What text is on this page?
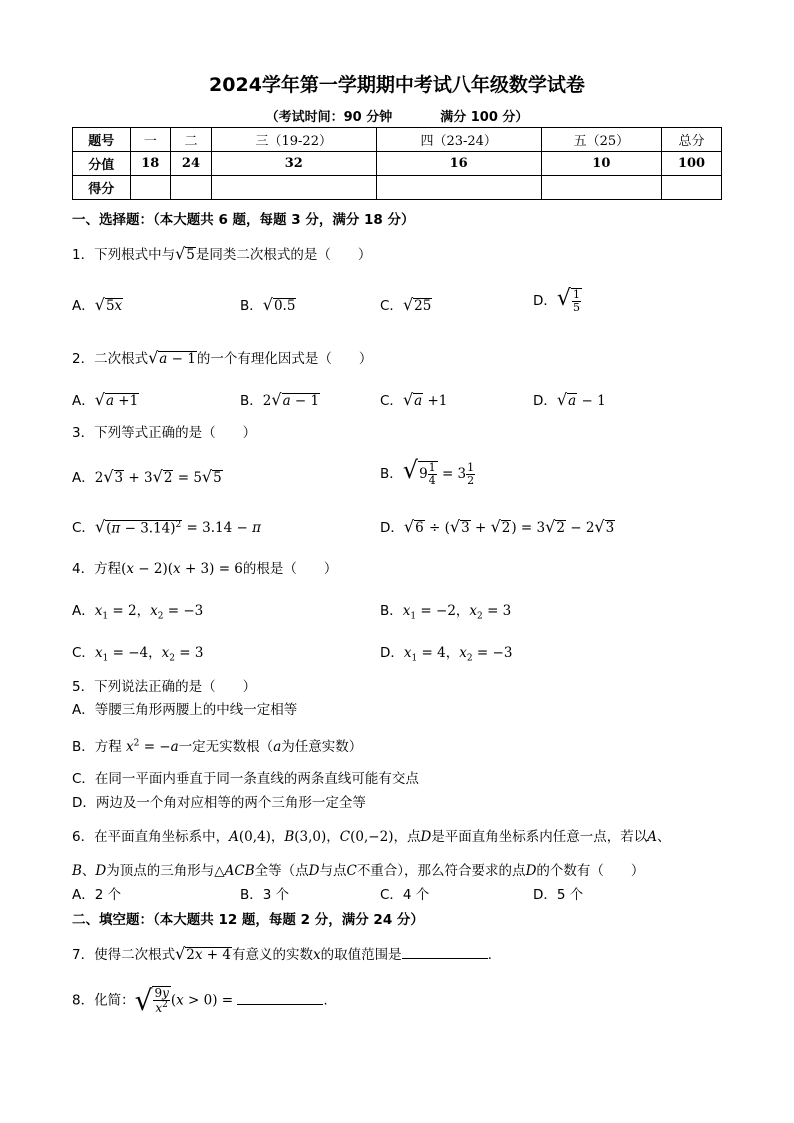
2024学年第一学期期中考试八年级数学试卷
（考试时间：90 分钟	满分 100 分）
题号	一	二	三（19-22）	四（23-24）	五（25）	总分
分值	18	24	32	16	10	100
得分						
一、选择题：（本大题共 6 题，每题 3 分，满分 18 分）
1．下列根式中与√5是同类二次根式的是（　　）
A．√5x	B．√0.5	C．√25	D．√ $\frac{1}{5}$
2．二次根式√a − 1的一个有理化因式是（　　）
A．√a +1	B．2√a − 1	C．√a +1	D．√a − 1
3．下列等式正确的是（　　）
A．2√3 + 3√2 = 5√5	B．$√9 \frac{1}{4} = 3 \frac{1}{2}$
C．$√(\pi - 3.14)^2 = 3.14 - \pi$	D．√6 ÷ (√3 + √2) = 3√2 − 2√3
4．方程(x − 2)(x + 3) = 6的根是（　　）
A．$x_1 = 2$，$x_2 = -3$	B．$x_1 = -2$，$x_2 = 3$
C．$x_1 = -4$，$x_2 = 3$	D．$x_1 = 4$，$x_2 = -3$
5．下列说法正确的是（　　）
A．等腰三角形两腰上的中线一定相等
B．方程 $x^2 = -a$一定无实数根（a为任意实数）
C．在同一平面内垂直于同一条直线的两条直线可能有交点
D．两边及一个角对应相等的两个三角形一定全等
6．在平面直角坐标系中，A(0,4)，B(3,0)，C(0,−2)，点D是平面直角坐标系内任意一点，若以A、
B、D为顶点的三角形与△ACB全等（点D与点C不重合），那么符合要求的点D的个数有（　　）
A．2 个	B．3 个	C．4 个	D．5 个
二、填空题：（本大题共 12 题，每题 2 分，满分 24 分）
7．使得二次根式√2x + 4有意义的实数x的取值范围是	.
8．化简：√ $\frac{9y}{x^2} (x > 0)$ =	.
